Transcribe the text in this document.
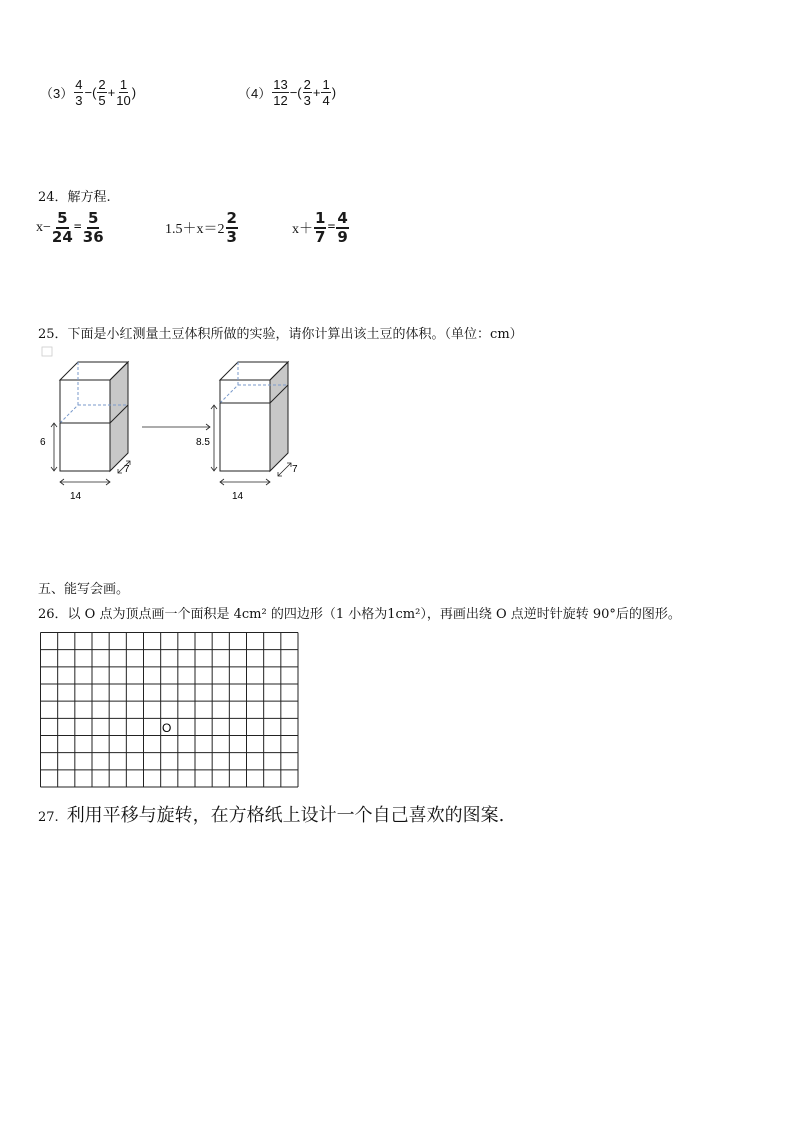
$(3) \frac{4}{3}$ − ( $\frac{2}{5} + \frac{1}{10}$ )	$(4) \frac{13}{12}$ − ( $\frac{2}{3} + \frac{1}{4}$ )
24．解方程.
$x- \frac{5}{24} = \frac{5}{36}$	$1.5+x=2 \frac{2}{3}$	$x+ \frac{1}{7} = \frac{4}{9}$
25．下面是小红测量土豆体积所做的实验，请你计算出该土豆的体积。（单位：cm）
6
14
7
8.5
14
7
五、能写会画。
26．以 O 点为顶点画一个面积是 4cm² 的四边形（1 小格为1cm²），再画出绕 O 点逆时针旋转 90°后的图形。
O
27. 利用平移与旋转，在方格纸上设计一个自己喜欢的图案.
